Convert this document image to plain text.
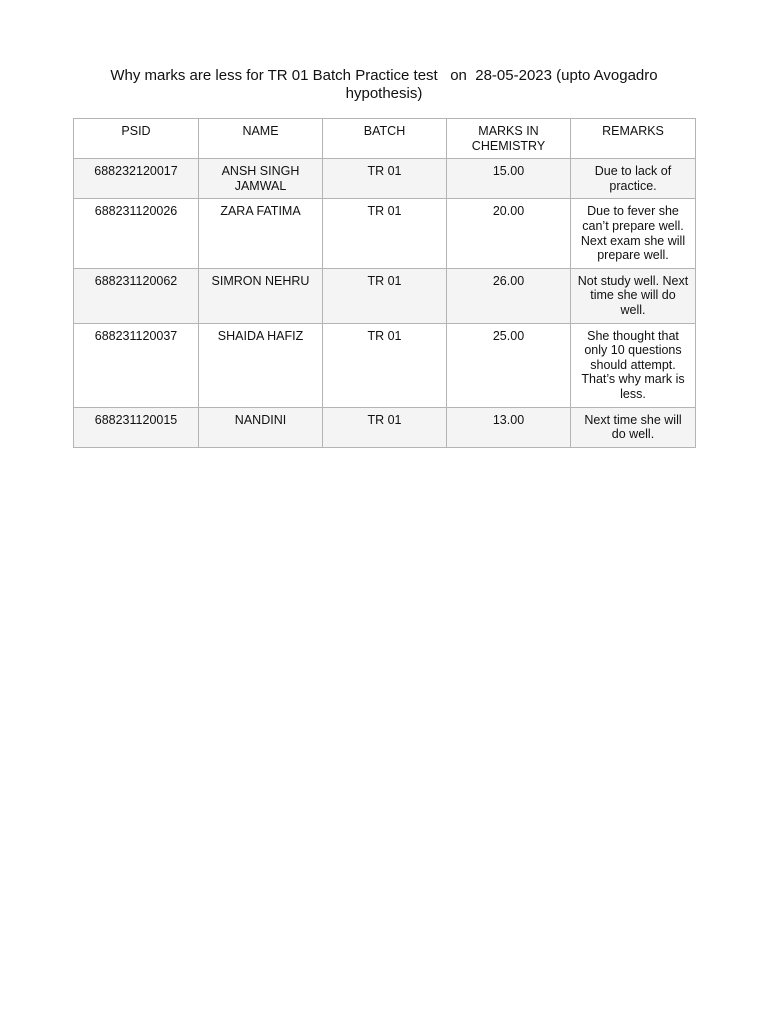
Why marks are less for TR 01 Batch Practice test   on  28-05-2023 (upto Avogadro hypothesis)
PSID	NAME	BATCH	MARKS IN CHEMISTRY	REMARKS
688232120017	ANSH SINGH JAMWAL	TR 01	15.00	Due to lack of practice.
688231120026	ZARA FATIMA	TR 01	20.00	Due to fever she can’t prepare well. Next exam she will prepare well.
688231120062	SIMRON NEHRU	TR 01	26.00	Not study well. Next time she will do well.
688231120037	SHAIDA HAFIZ	TR 01	25.00	She thought that only 10 questions should attempt. That’s why mark is less.
688231120015	NANDINI	TR 01	13.00	Next time she will do well.
